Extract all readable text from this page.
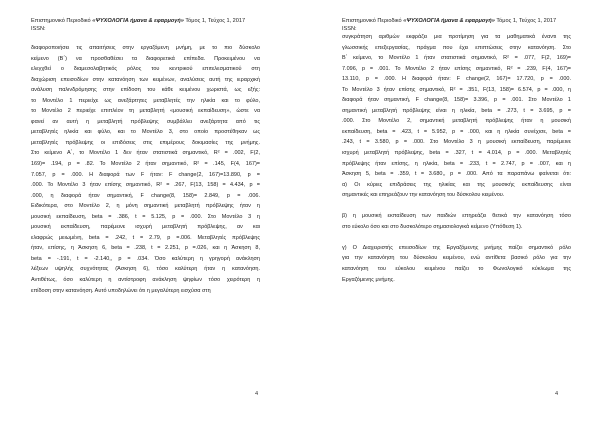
Επιστημονικό Περιοδικό «ΨΥΧΟΛΟΓΙΑ ήμανα & εφαρμογή» Τόμος 1, Τεύχος 1, 2017
ISSN:
διαφοροποιήσει τις απαιτήσεις στην εργαζόμενη μνήμη, με το πιο δύσκολο
κείμενο (Β΄) να προσθαθέσει τα διαφορετικά επίπεδα. Προκειμένου να
ελεγχθεί ο διαμεσολαβητικός ρόλος του κεντρικού επιτελεσματικού στη
διαχώριση επεισοδίων στην κατανόηση των κειμένων, αναλύσεις αυτή της ιεραρχική
ανάλυση παλινδρόμησης στην επίδοση του κάθε κειμένου χωριστά, ως εξής:
το Μοντέλο 1 περιείχε ως ανεξάρτητες μεταβλητές την ηλικία και το φύλο,
το Μοντέλο 2 περιείχε επιπλέον τη μεταβλητή «μουσική εκπαίδευση», ώστε να
φανεί αν αυτή η μεταβλητή πρόβλεψης συμβάλλει ανεξάρτητα από τις
μεταβλητές ηλικία και φύλο, και το Μοντέλο 3, στο οποίο προστέθηκαν ως
μεταβλητές πρόβλεψης οι επιδόσεις στις επιμέρους δοκιμασίες της μνήμης.
Στο κείμενο Α΄, το Μοντέλο 1 δεν ήταν στατιστικά σημαντικό, R² = .002, F(2,
169)= .194, p = .82. Το Μοντέλο 2 ήταν σημαντικό, R² = .145, F(4, 167)=
7.057, p = .000. Η διαφορά των F ήταν: F change(2, 167)=13.890, p =
.000. Το Μοντέλο 3 ήταν επίσης σημαντικό, R² = .267, F(13, 158) = 4.434, p =
.000, η διαφορά ήταν σημαντική, F change(8, 158)= 2.849, p = .006.
Ειδικότερα, στο Μοντέλο 2, η μόνη σημαντική μεταβλητή πρόβλεψης ήταν η
μουσική εκπαίδευση, beta = .386, t = 5.125, p = .000. Στο Μοντέλο 3 η
μουσική εκπαίδευση, παρέμεινε ισχυρή μεταβλητή πρόβλεψης, αν και
ελαφρώς μειωμένη, beta = .242, t = 2.79, p =.006. Μεταβλητές πρόβλεψης
ήταν, επίσης, η Άσκηση 6, beta = .238, t = 2.251, p =.026, και η Άσκηση 8,
beta = -.191, t = -2.140,, p = .034. Όσο καλύτερη η γρηγορή ανάκληση
λέξεων υψηλής συχνότητας (Άσκηση 6), τόσο καλύτερη ήταν η κατανόηση.
Αντιθέτως, όσο καλύτερη η αντίστροφη ανάκληση ψηφίων τόσο χειρότερη η
επίδοση στην κατανόηση. Αυτό υποδηλώνει ότι η μεγαλύτερη εισχύσα στη
4
Επιστημονικό Περιοδικό «ΨΥΧΟΛΟΓΙΑ ήμανα & εφαρμογή» Τόμος 1, Τεύχος 1, 2017
ISSN:
συγκράτηση αριθμών εκφράζει μια προτίμηση για τα μαθηματικά έναντι της
γλωσσικής επεξεργασίας, πράγμα που έχει επιπτώσεις στην κατανόηση. Στο
Β΄ κείμενο, το Μοντέλο 1 ήταν στατιστικά σημαντικό, R² = .077, F(2, 169)=
7.096, p = .001. Το Μοντέλο 2 ήταν επίσης σημαντικό, R² = .239, F(4, 167)=
13.110, p = .000. Η διαφορά ήταν: F change(2, 167)= 17.720, p = .000.
Το Μοντέλο 3 ήταν επίσης σημαντικό, R² = .351, F(13, 158)= 6.574, p = .000, η
διαφορά ήταν σημαντική, F change(8, 158)= 3.396, p = .001. Στο Μοντέλο 1
σημαντική μεταβλητή πρόβλεψης είναι η ηλικία, beta = .273, t = 3.695, p =
.000. Στο Μοντέλο 2, σημαντική μεταβλητή πρόβλεψης ήταν η μουσική
εκπαίδευση, beta = .423, t = 5.952, p = .000, και η ηλικία συνέχισε, beta =
.243, t = 3.580, p = .000. Στο Μοντέλο 3 η μουσική εκπαίδευση, παρέμεινε
ισχυρή μεταβλητή πρόβλεψης, beta = .327, t = 4.014, p = .000. Μεταβλητές
πρόβλεψης ήταν επίσης, η ηλικία, beta = .233, t = 2.747, p = .007, και η
Άσκηση 5, beta = .359, t = 3.680,, p = .000. Από τα παραπάνω φαίνεται ότι:
α) Οι κύριες επιδράσεις της ηλικίας και της μουσικής εκπαίδευσης είναι
σημαντικές και επηρεάζουν την κατανόηση του δύσκολου κειμένου.
β) η μουσική εκπαίδευση των παιδιών επηρεάζει θετικά την κατανόηση τόσο
στο εύκολο όσο και στο δυσκολότερο σημασιολογικά κείμενο (Υπόθεση 1).
γ) Ο Διαχειριστής επεισοδίων της Εργαζόμενης μνήμης παίζει σημαντικό ρόλο
για την κατανόηση του δύσκολου κειμένου, ενώ αντίθετα βασικό ρόλο για την
κατανόηση του εύκολου κειμένου παίζει το Φωνολογικό κύκλωμα της
Εργαζόμενης μνήμης.
4
